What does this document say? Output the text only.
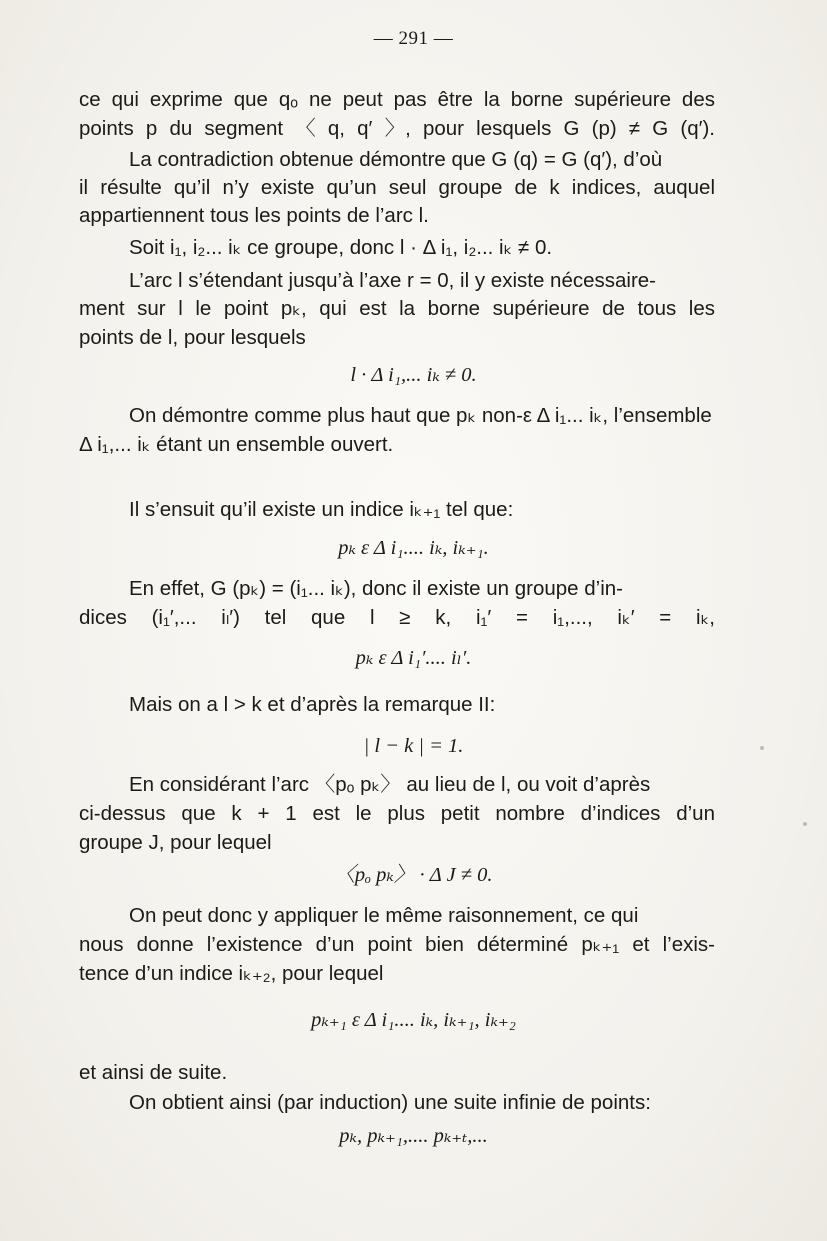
— 291 —
ce qui exprime que qₒ ne peut pas être la borne supérieure des
points p du segment 〈 q, q′ 〉, pour lesquels G (p) ≠ G (q′).
La contradiction obtenue démontre que G (q) = G (q′), d’où
il résulte qu’il n’y existe qu’un seul groupe de k indices, auquel
appartiennent tous les points de l’arc l.
Soit i₁, i₂... iₖ ce groupe, donc l · Δ i₁, i₂... iₖ ≠ 0.
L’arc l s’étendant jusqu’à l’axe r = 0, il y existe nécessaire-
ment sur l le point pₖ, qui est la borne supérieure de tous les
points de l, pour lesquels
l · Δ i₁,... iₖ ≠ 0.
On démontre comme plus haut que pₖ non-ε Δ i₁... iₖ, l’ensemble
Δ i₁,... iₖ étant un ensemble ouvert.
Il s’ensuit qu’il existe un indice iₖ₊₁ tel que:
pₖ ε Δ i₁.... iₖ, iₖ₊₁.
En effet, G (pₖ) = (i₁... iₖ), donc il existe un groupe d’in-
dices (i₁′,... iₗ′) tel que l ≥ k, i₁′ = i₁,..., iₖ′ = iₖ,
pₖ ε Δ i₁′.... iₗ′.
Mais on a l > k et d’après la remarque II:
| l − k | = 1.
En considérant l’arc 〈pₒ pₖ〉 au lieu de l, ou voit d’après
ci-dessus que k + 1 est le plus petit nombre d’indices d’un
groupe J, pour lequel
〈pₒ pₖ〉 · Δ J ≠ 0.
On peut donc y appliquer le même raisonnement, ce qui
nous donne l’existence d’un point bien déterminé pₖ₊₁ et l’exis-
tence d’un indice iₖ₊₂, pour lequel
pₖ₊₁ ε Δ i₁.... iₖ, iₖ₊₁, iₖ₊₂
et ainsi de suite.
On obtient ainsi (par induction) une suite infinie de points:
pₖ, pₖ₊₁,.... pₖ₊ₜ,...
